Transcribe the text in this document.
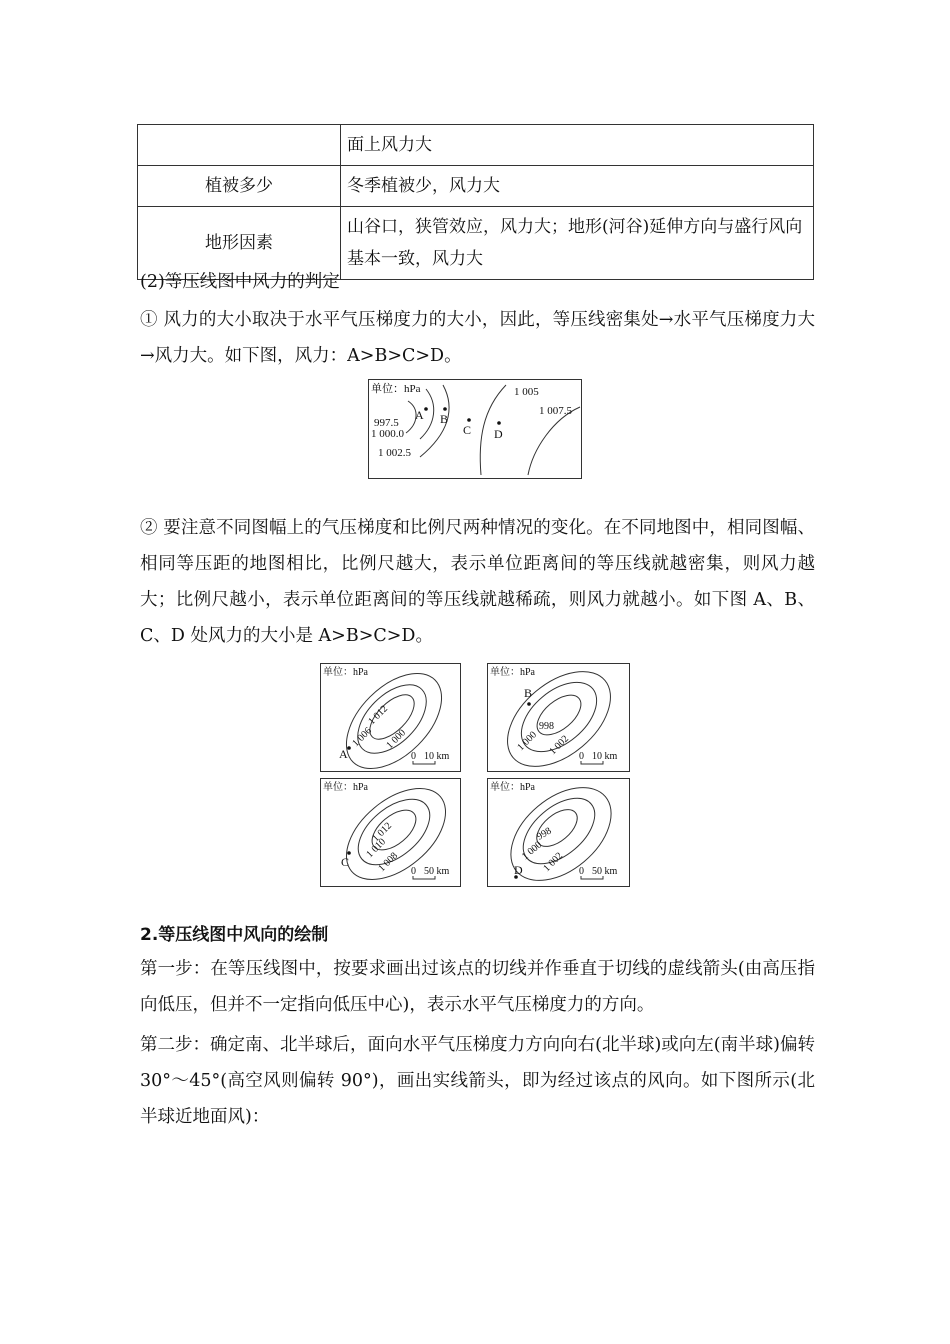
	面上风力大
植被多少	冬季植被少，风力大
地形因素	山谷口，狭管效应，风力大；地形(河谷)延伸方向与盛行风向基本一致，风力大
(2)等压线图中风力的判定
① 风力的大小取决于水平气压梯度力的大小，因此，等压线密集处→水平气压梯度力大→风力大。如下图，风力：A>B>C>D。
单位：hPa	1 005
1 007.5
997.5
1 000.0
1 002.5
A B
C D
② 要注意不同图幅上的气压梯度和比例尺两种情况的变化。在不同地图中，相同图幅、相同等压距的地图相比，比例尺越大，表示单位距离间的等压线就越密集，则风力越大；比例尺越小，表示单位距离间的等压线就越稀疏，则风力就越小。如下图 A、B、C、D 处风力的大小是 A>B>C>D。
单位：hPa
1 012
1 006 1 000
A	0 10 km
单位：hPa
998
1 000 1 002
B
0 10 km
单位：hPa
1 012
1 010
1 008
C
0 50 km
单位：hPa
998
1 000
1 002
D	0 50 km
2.等压线图中风向的绘制
第一步：在等压线图中，按要求画出过该点的切线并作垂直于切线的虚线箭头(由高压指向低压，但并不一定指向低压中心)，表示水平气压梯度力的方向。
第二步：确定南、北半球后，面向水平气压梯度力方向向右(北半球)或向左(南半球)偏转 30°～45°(高空风则偏转 90°)，画出实线箭头，即为经过该点的风向。如下图所示(北半球近地面风)：
